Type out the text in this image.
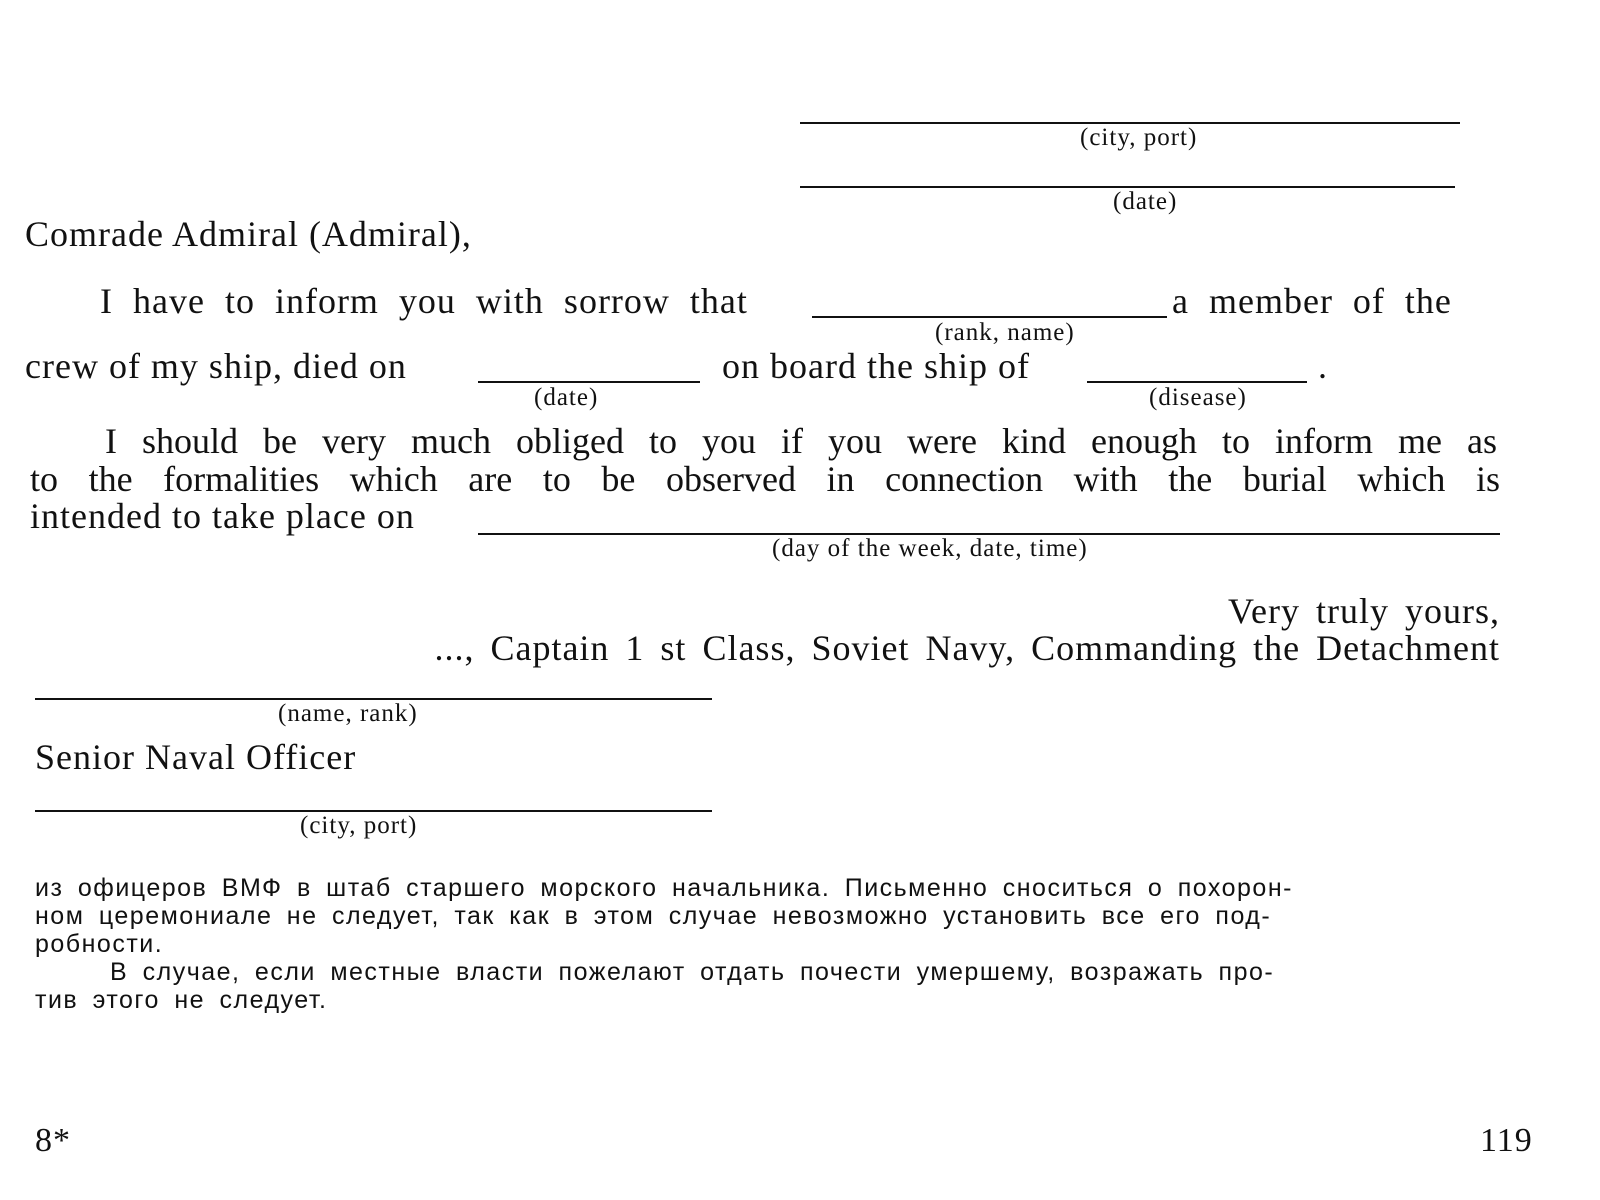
(city, port)
(date)
Comrade Admiral (Admiral),
I have to inform you with sorrow that	a member of the
(rank, name)
crew of my ship, died on	on board the ship of	.
(date)	(disease)
I should be very much obliged to you if you were kind enough to inform me as
to the formalities which are to be observed in connection with the burial which is
intended to take place on
(day of the week, date, time)
Very truly yours,
..., Captain 1 st Class, Soviet Navy, Commanding the Detachment
(name, rank)
Senior Naval Officer
(city, port)
из офицеров ВМФ в штаб старшего морского начальника. Письменно сноситься о похорон-
ном церемониале не следует, так как в этом случае невозможно установить все его под-
робности.
В случае, если местные власти пожелают отдать почести умершему, возражать про-
тив этого не следует.
8*	119
